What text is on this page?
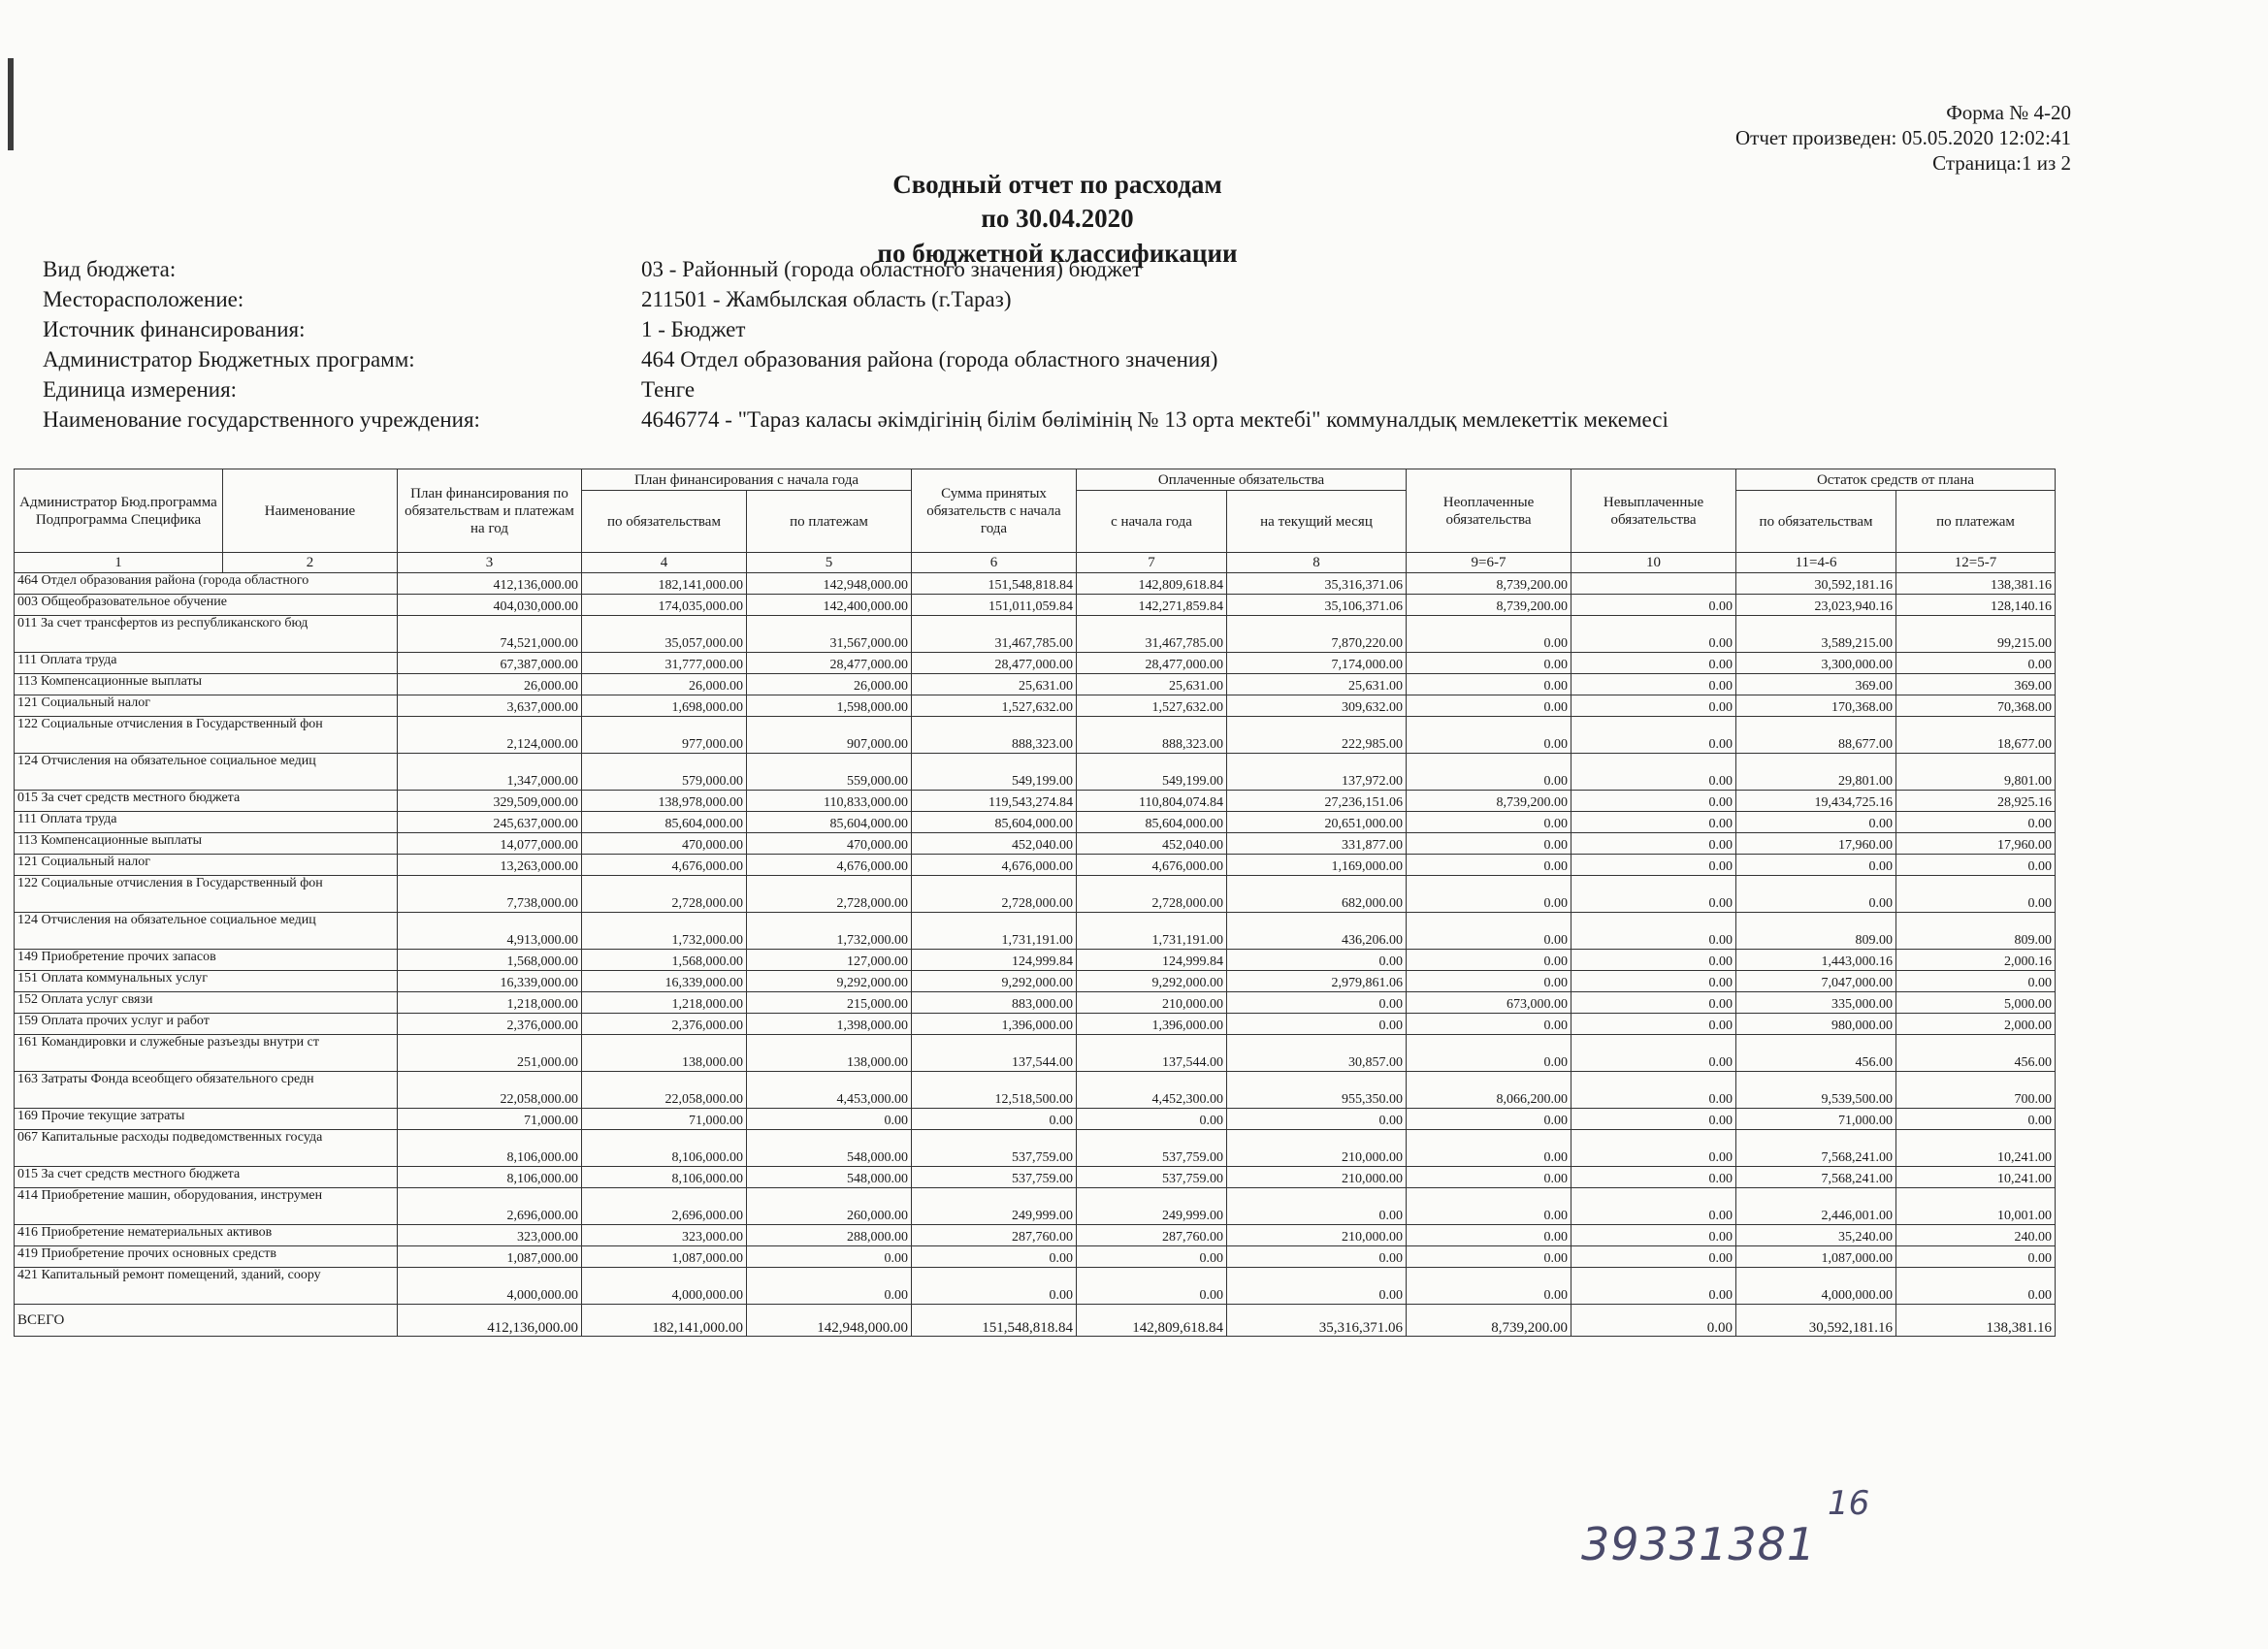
Форма № 4-20
Отчет произведен: 05.05.2020 12:02:41
Страница:1 из 2
Сводный отчет по расходам
по 30.04.2020
по бюджетной классификации
Вид бюджета:	03 - Районный (города областного значения) бюджет
Месторасположение:	211501 - Жамбылская область (г.Тараз)
Источник финансирования:	1 - Бюджет
Администратор Бюджетных программ:	464 Отдел образования района (города областного значения)
Единица измерения:	Тенге
Наименование государственного учреждения:	4646774 - "Тараз каласы әкімдігінің білім бөлімінің № 13 орта мектебі" коммуналдық мемлекеттік мекемесі
Администратор Бюд.программа Подпрограмма Специфика	Наименование	План финансирования по обязательствам и платежам на год	План финансирования с начала года		Сумма принятых обязательств с начала года	Оплаченные обязательства		Неоплаченные обязательства	Невыплаченные обязательства	Остаток средств от плана	
			по обязательствам	по платежам		с начала года	на текущий месяц			по обязательствам	по платежам
1	2	3	4	5	6	7	8	9=6-7	10	11=4-6	12=5-7
464 Отдел образования района (города областного		412,136,000.00	182,141,000.00	142,948,000.00	151,548,818.84	142,809,618.84	35,316,371.06	8,739,200.00		30,592,181.16	138,381.16
003 Общеобразовательное обучение		404,030,000.00	174,035,000.00	142,400,000.00	151,011,059.84	142,271,859.84	35,106,371.06	8,739,200.00	0.00	23,023,940.16	128,140.16
011 За счет трансфертов из республиканского бюд		74,521,000.00	35,057,000.00	31,567,000.00	31,467,785.00	31,467,785.00	7,870,220.00	0.00	0.00	3,589,215.00	99,215.00
111 Оплата труда		67,387,000.00	31,777,000.00	28,477,000.00	28,477,000.00	28,477,000.00	7,174,000.00	0.00	0.00	3,300,000.00	0.00
113 Компенсационные выплаты		26,000.00	26,000.00	26,000.00	25,631.00	25,631.00	25,631.00	0.00	0.00	369.00	369.00
121 Социальный налог		3,637,000.00	1,698,000.00	1,598,000.00	1,527,632.00	1,527,632.00	309,632.00	0.00	0.00	170,368.00	70,368.00
122 Социальные отчисления в Государственный фон		2,124,000.00	977,000.00	907,000.00	888,323.00	888,323.00	222,985.00	0.00	0.00	88,677.00	18,677.00
124 Отчисления на обязательное социальное медиц		1,347,000.00	579,000.00	559,000.00	549,199.00	549,199.00	137,972.00	0.00	0.00	29,801.00	9,801.00
015 За счет средств местного бюджета		329,509,000.00	138,978,000.00	110,833,000.00	119,543,274.84	110,804,074.84	27,236,151.06	8,739,200.00	0.00	19,434,725.16	28,925.16
111 Оплата труда		245,637,000.00	85,604,000.00	85,604,000.00	85,604,000.00	85,604,000.00	20,651,000.00	0.00	0.00	0.00	0.00
113 Компенсационные выплаты		14,077,000.00	470,000.00	470,000.00	452,040.00	452,040.00	331,877.00	0.00	0.00	17,960.00	17,960.00
121 Социальный налог		13,263,000.00	4,676,000.00	4,676,000.00	4,676,000.00	4,676,000.00	1,169,000.00	0.00	0.00	0.00	0.00
122 Социальные отчисления в Государственный фон		7,738,000.00	2,728,000.00	2,728,000.00	2,728,000.00	2,728,000.00	682,000.00	0.00	0.00	0.00	0.00
124 Отчисления на обязательное социальное медиц		4,913,000.00	1,732,000.00	1,732,000.00	1,731,191.00	1,731,191.00	436,206.00	0.00	0.00	809.00	809.00
149 Приобретение прочих запасов		1,568,000.00	1,568,000.00	127,000.00	124,999.84	124,999.84	0.00	0.00	0.00	1,443,000.16	2,000.16
151 Оплата коммунальных услуг		16,339,000.00	16,339,000.00	9,292,000.00	9,292,000.00	9,292,000.00	2,979,861.06	0.00	0.00	7,047,000.00	0.00
152 Оплата услуг связи		1,218,000.00	1,218,000.00	215,000.00	883,000.00	210,000.00	0.00	673,000.00	0.00	335,000.00	5,000.00
159 Оплата прочих услуг и работ		2,376,000.00	2,376,000.00	1,398,000.00	1,396,000.00	1,396,000.00	0.00	0.00	0.00	980,000.00	2,000.00
161 Командировки и служебные разъезды внутри ст		251,000.00	138,000.00	138,000.00	137,544.00	137,544.00	30,857.00	0.00	0.00	456.00	456.00
163 Затраты Фонда всеобщего обязательного средн		22,058,000.00	22,058,000.00	4,453,000.00	12,518,500.00	4,452,300.00	955,350.00	8,066,200.00	0.00	9,539,500.00	700.00
169 Прочие текущие затраты		71,000.00	71,000.00	0.00	0.00	0.00	0.00	0.00	0.00	71,000.00	0.00
067 Капитальные расходы подведомственных госуда		8,106,000.00	8,106,000.00	548,000.00	537,759.00	537,759.00	210,000.00	0.00	0.00	7,568,241.00	10,241.00
015 За счет средств местного бюджета		8,106,000.00	8,106,000.00	548,000.00	537,759.00	537,759.00	210,000.00	0.00	0.00	7,568,241.00	10,241.00
414 Приобретение машин, оборудования, инструмен		2,696,000.00	2,696,000.00	260,000.00	249,999.00	249,999.00	0.00	0.00	0.00	2,446,001.00	10,001.00
416 Приобретение нематериальных активов		323,000.00	323,000.00	288,000.00	287,760.00	287,760.00	210,000.00	0.00	0.00	35,240.00	240.00
419 Приобретение прочих основных средств		1,087,000.00	1,087,000.00	0.00	0.00	0.00	0.00	0.00	0.00	1,087,000.00	0.00
421 Капитальный ремонт помещений, зданий, соору		4,000,000.00	4,000,000.00	0.00	0.00	0.00	0.00	0.00	0.00	4,000,000.00	0.00
ВСЕГО		412,136,000.00	182,141,000.00	142,948,000.00	151,548,818.84	142,809,618.84	35,316,371.06	8,739,200.00	0.00	30,592,181.16	138,381.16
39331381
16
